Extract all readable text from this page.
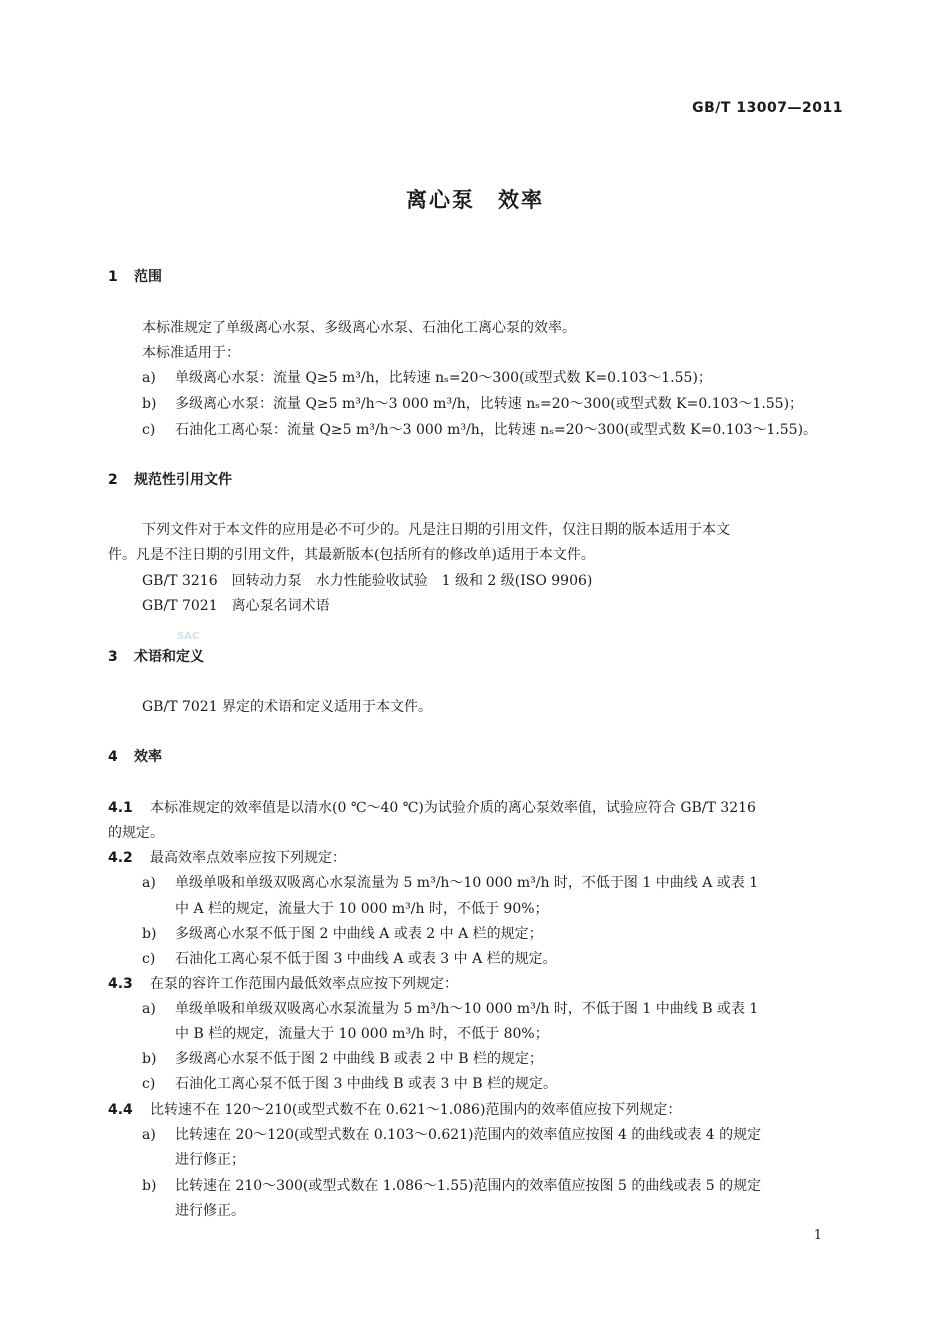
GB/T 13007—2011
离心泵　效率
1 范围
本标准规定了单级离心水泵、多级离心水泵、石油化工离心泵的效率。
本标准适用于：
a) 单级离心水泵：流量 Q≥5 m³/h，比转速 nₛ=20～300(或型式数 K=0.103～1.55)；
b) 多级离心水泵：流量 Q≥5 m³/h～3 000 m³/h，比转速 nₛ=20～300(或型式数 K=0.103～1.55)；
c) 石油化工离心泵：流量 Q≥5 m³/h～3 000 m³/h，比转速 nₛ=20～300(或型式数 K=0.103～1.55)。
2 规范性引用文件
下列文件对于本文件的应用是必不可少的。凡是注日期的引用文件，仅注日期的版本适用于本文
件。凡是不注日期的引用文件，其最新版本(包括所有的修改单)适用于本文件。
GB/T 3216　回转动力泵　水力性能验收试验　1 级和 2 级(ISO 9906)
GB/T 7021　离心泵名词术语
SAC
3 术语和定义
GB/T 7021 界定的术语和定义适用于本文件。
4 效率
4.1 本标准规定的效率值是以清水(0 ℃～40 ℃)为试验介质的离心泵效率值，试验应符合 GB/T 3216
的规定。
4.2 最高效率点效率应按下列规定：
a) 单级单吸和单级双吸离心水泵流量为 5 m³/h～10 000 m³/h 时，不低于图 1 中曲线 A 或表 1
中 A 栏的规定，流量大于 10 000 m³/h 时，不低于 90%；
b) 多级离心水泵不低于图 2 中曲线 A 或表 2 中 A 栏的规定；
c) 石油化工离心泵不低于图 3 中曲线 A 或表 3 中 A 栏的规定。
4.3 在泵的容许工作范围内最低效率点应按下列规定：
a) 单级单吸和单级双吸离心水泵流量为 5 m³/h～10 000 m³/h 时，不低于图 1 中曲线 B 或表 1
中 B 栏的规定，流量大于 10 000 m³/h 时，不低于 80%；
b) 多级离心水泵不低于图 2 中曲线 B 或表 2 中 B 栏的规定；
c) 石油化工离心泵不低于图 3 中曲线 B 或表 3 中 B 栏的规定。
4.4 比转速不在 120～210(或型式数不在 0.621～1.086)范围内的效率值应按下列规定：
a) 比转速在 20～120(或型式数在 0.103～0.621)范围内的效率值应按图 4 的曲线或表 4 的规定
进行修正；
b) 比转速在 210～300(或型式数在 1.086～1.55)范围内的效率值应按图 5 的曲线或表 5 的规定
进行修正。
1
